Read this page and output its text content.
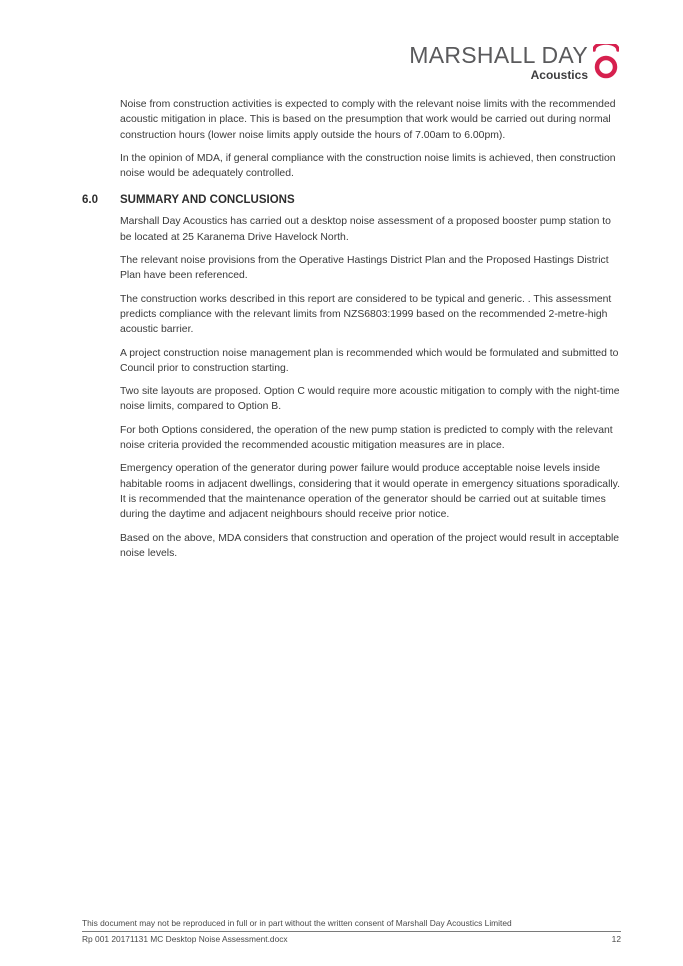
MARSHALL DAY
Acoustics

Noise from construction activities is expected to comply with the relevant noise limits with the recommended acoustic mitigation in place. This is based on the presumption that work would be carried out during normal construction hours (lower noise limits apply outside the hours of 7.00am to 6.00pm).

In the opinion of MDA, if general compliance with the construction noise limits is achieved, then construction noise would be adequately controlled.

6.0	SUMMARY AND CONCLUSIONS

Marshall Day Acoustics has carried out a desktop noise assessment of a proposed booster pump station to be located at 25 Karanema Drive Havelock North.

The relevant noise provisions from the Operative Hastings District Plan and the Proposed Hastings District Plan have been referenced.

The construction works described in this report are considered to be typical and generic. . This assessment predicts compliance with the relevant limits from NZS6803:1999 based on the recommended 2-metre-high acoustic barrier.

A project construction noise management plan is recommended which would be formulated and submitted to Council prior to construction starting.

Two site layouts are proposed. Option C would require more acoustic mitigation to comply with the night-time noise limits, compared to Option B.

For both Options considered, the operation of the new pump station is predicted to comply with the relevant noise criteria provided the recommended acoustic mitigation measures are in place.

Emergency operation of the generator during power failure would produce acceptable noise levels inside habitable rooms in adjacent dwellings, considering that it would operate in emergency situations sporadically. It is recommended that the maintenance operation of the generator should be carried out at suitable times during the daytime and adjacent neighbours should receive prior notice.

Based on the above, MDA considers that construction and operation of the project would result in acceptable noise levels.

This document may not be reproduced in full or in part without the written consent of Marshall Day Acoustics Limited
Rp 001 20171131 MC Desktop Noise Assessment.docx	12
